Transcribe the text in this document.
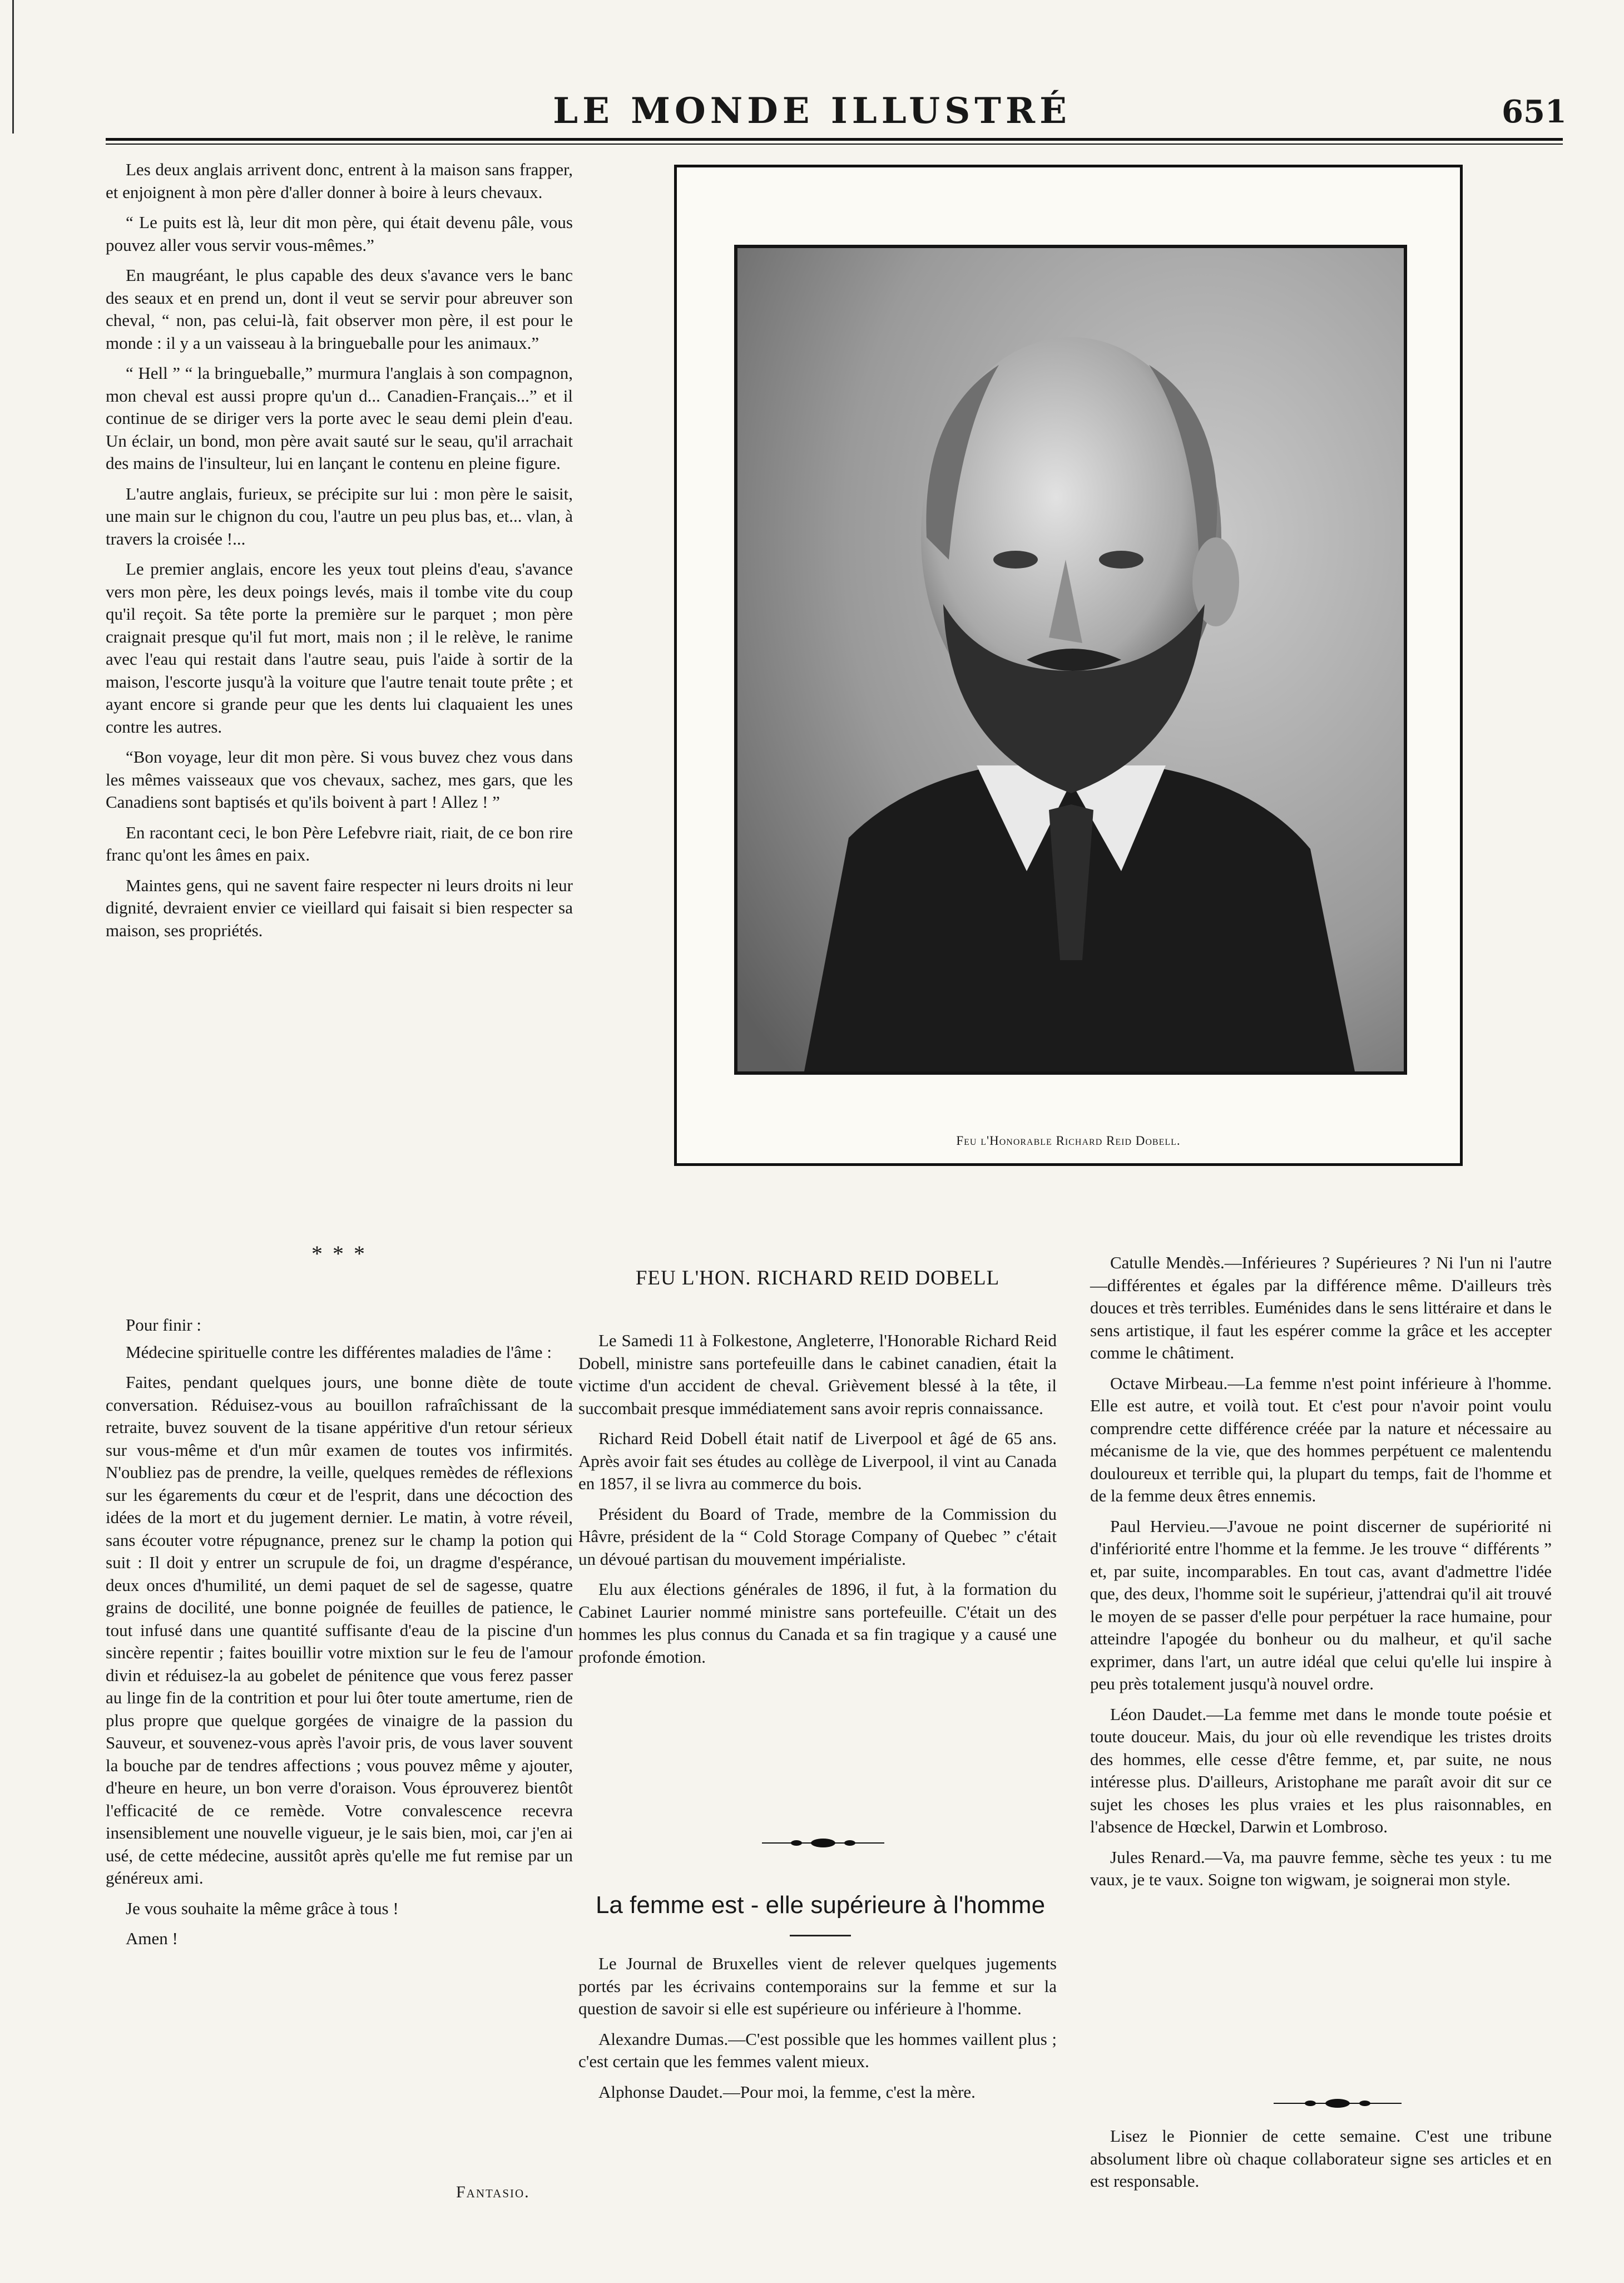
LE MONDE ILLUSTRÉ	651

Les deux anglais arrivent donc, entrent à la maison sans frapper, et enjoignent à mon père d'aller donner à boire à leurs chevaux.

“ Le puits est là, leur dit mon père, qui était devenu pâle, vous pouvez aller vous servir vous-mêmes.”

En maugréant, le plus capable des deux s'avance vers le banc des seaux et en prend un, dont il veut se servir pour abreuver son cheval, “ non, pas celui-là, fait observer mon père, il est pour le monde : il y a un vaisseau à la bringueballe pour les animaux.”

“ Hell ” “ la bringueballe,” murmura l'anglais à son compagnon, mon cheval est aussi propre qu'un d... Canadien-Français...” et il continue de se diriger vers la porte avec le seau demi plein d'eau. Un éclair, un bond, mon père avait sauté sur le seau, qu'il arrachait des mains de l'insulteur, lui en lançant le contenu en pleine figure.

L'autre anglais, furieux, se précipite sur lui : mon père le saisit, une main sur le chignon du cou, l'autre un peu plus bas, et... vlan, à travers la croisée !...

Le premier anglais, encore les yeux tout pleins d'eau, s'avance vers mon père, les deux poings levés, mais il tombe vite du coup qu'il reçoit. Sa tête porte la première sur le parquet ; mon père craignait presque qu'il fut mort, mais non ; il le relève, le ranime avec l'eau qui restait dans l'autre seau, puis l'aide à sortir de la maison, l'escorte jusqu'à la voiture que l'autre tenait toute prête ; et ayant encore si grande peur que les dents lui claquaient les unes contre les autres.

“Bon voyage, leur dit mon père. Si vous buvez chez vous dans les mêmes vaisseaux que vos chevaux, sachez, mes gars, que les Canadiens sont baptisés et qu'ils boivent à part ! Allez ! ”

En racontant ceci, le bon Père Lefebvre riait, riait, de ce bon rire franc qu'ont les âmes en paix.

Maintes gens, qui ne savent faire respecter ni leurs droits ni leur dignité, devraient envier ce vieillard qui faisait si bien respecter sa maison, ses propriétés.

Feu l'Honorable Richard Reid Dobell.
* * *

Pour finir :

Médecine spirituelle contre les différentes maladies de l'âme :

Faites, pendant quelques jours, une bonne diète de toute conversation. Réduisez-vous au bouillon rafraîchissant de la retraite, buvez souvent de la tisane appéritive d'un retour sérieux sur vous-même et d'un mûr examen de toutes vos infirmités. N'oubliez pas de prendre, la veille, quelques remèdes de réflexions sur les égarements du cœur et de l'esprit, dans une décoction des idées de la mort et du jugement dernier. Le matin, à votre réveil, sans écouter votre répugnance, prenez sur le champ la potion qui suit : Il doit y entrer un scrupule de foi, un dragme d'espérance, deux onces d'humilité, un demi paquet de sel de sagesse, quatre grains de docilité, une bonne poignée de feuilles de patience, le tout infusé dans une quantité suffisante d'eau de la piscine d'un sincère repentir ; faites bouillir votre mixtion sur le feu de l'amour divin et réduisez-la au gobelet de pénitence que vous ferez passer au linge fin de la contrition et pour lui ôter toute amertume, rien de plus propre que quelque gorgées de vinaigre de la passion du Sauveur, et souvenez-vous après l'avoir pris, de vous laver souvent la bouche par de tendres affections ; vous pouvez même y ajouter, d'heure en heure, un bon verre d'oraison. Vous éprouverez bientôt l'efficacité de ce remède. Votre convalescence recevra insensiblement une nouvelle vigueur, je le sais bien, moi, car j'en ai usé, de cette médecine, aussitôt après qu'elle me fut remise par un généreux ami.

Je vous souhaite la même grâce à tous !

Amen !

Fantasio.
FEU L'HON. RICHARD REID DOBELL

Le Samedi 11 à Folkestone, Angleterre, l'Honorable Richard Reid Dobell, ministre sans portefeuille dans le cabinet canadien, était la victime d'un accident de cheval. Grièvement blessé à la tête, il succombait presque immédiatement sans avoir repris connaissance.

Richard Reid Dobell était natif de Liverpool et âgé de 65 ans. Après avoir fait ses études au collège de Liverpool, il vint au Canada en 1857, il se livra au commerce du bois.

Président du Board of Trade, membre de la Commission du Hâvre, président de la “ Cold Storage Company of Quebec ” c'était un dévoué partisan du mouvement impérialiste.

Elu aux élections générales de 1896, il fut, à la formation du Cabinet Laurier nommé ministre sans portefeuille. C'était un des hommes les plus connus du Canada et sa fin tragique y a causé une profonde émotion.

La femme est - elle supérieure à l'homme

Le Journal de Bruxelles vient de relever quelques jugements portés par les écrivains contemporains sur la femme et sur la question de savoir si elle est supérieure ou inférieure à l'homme.

Alexandre Dumas.—C'est possible que les hommes vaillent plus ; c'est certain que les femmes valent mieux.

Alphonse Daudet.—Pour moi, la femme, c'est la mère.

Catulle Mendès.—Inférieures ? Supérieures ? Ni l'un ni l'autre—différentes et égales par la différence même. D'ailleurs très douces et très terribles. Euménides dans le sens littéraire et dans le sens artistique, il faut les espérer comme la grâce et les accepter comme le châtiment.

Octave Mirbeau.—La femme n'est point inférieure à l'homme. Elle est autre, et voilà tout. Et c'est pour n'avoir point voulu comprendre cette différence créée par la nature et nécessaire au mécanisme de la vie, que des hommes perpétuent ce malentendu douloureux et terrible qui, la plupart du temps, fait de l'homme et de la femme deux êtres ennemis.

Paul Hervieu.—J'avoue ne point discerner de supériorité ni d'infériorité entre l'homme et la femme. Je les trouve “ différents ” et, par suite, incomparables. En tout cas, avant d'admettre l'idée que, des deux, l'homme soit le supérieur, j'attendrai qu'il ait trouvé le moyen de se passer d'elle pour perpétuer la race humaine, pour atteindre l'apogée du bonheur ou du malheur, et qu'il sache exprimer, dans l'art, un autre idéal que celui qu'elle lui inspire à peu près totalement jusqu'à nouvel ordre.

Léon Daudet.—La femme met dans le monde toute poésie et toute douceur. Mais, du jour où elle revendique les tristes droits des hommes, elle cesse d'être femme, et, par suite, ne nous intéresse plus. D'ailleurs, Aristophane me paraît avoir dit sur ce sujet les choses les plus vraies et les plus raisonnables, en l'absence de Hœckel, Darwin et Lombroso.

Jules Renard.—Va, ma pauvre femme, sèche tes yeux : tu me vaux, je te vaux. Soigne ton wigwam, je soignerai mon style.

Lisez le Pionnier de cette semaine. C'est une tribune absolument libre où chaque collaborateur signe ses articles et en est responsable.
